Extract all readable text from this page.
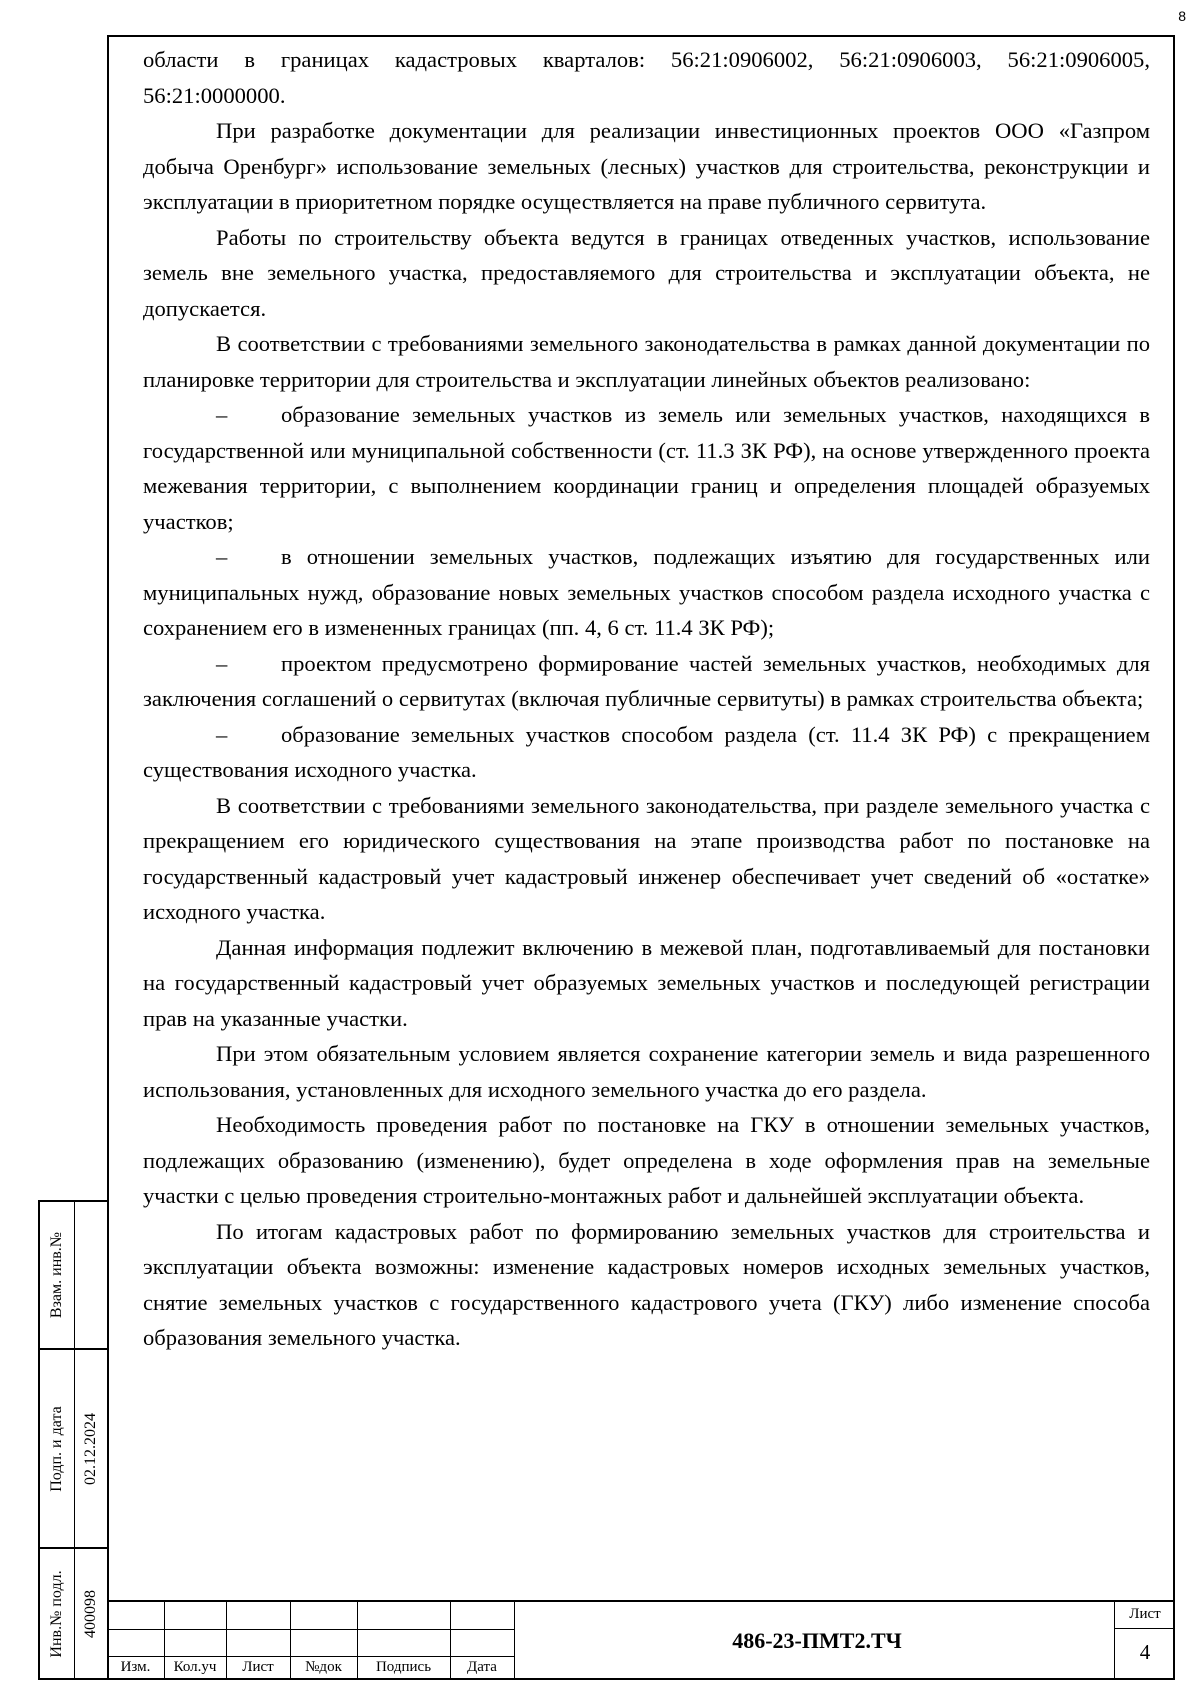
8

области в границах кадастровых кварталов: 56:21:0906002, 56:21:0906003, 56:21:0906005, 56:21:0000000.

При разработке документации для реализации инвестиционных проектов ООО «Газпром добыча Оренбург» использование земельных (лесных) участков для строительства, реконструкции и эксплуатации в приоритетном порядке осуществляется на праве публичного сервитута.

Работы по строительству объекта ведутся в границах отведенных участков, использование земель вне земельного участка, предоставляемого для строительства и эксплуатации объекта, не допускается.

В соответствии с требованиями земельного законодательства в рамках данной документации по планировке территории для строительства и эксплуатации линейных объектов реализовано:

– образование земельных участков из земель или земельных участков, находящихся в государственной или муниципальной собственности (ст. 11.3 ЗК РФ), на основе утвержденного проекта межевания территории, с выполнением координации границ и определения площадей образуемых участков;

– в отношении земельных участков, подлежащих изъятию для государственных или муниципальных нужд, образование новых земельных участков способом раздела исходного участка с сохранением его в измененных границах (пп. 4, 6 ст. 11.4 ЗК РФ);

– проектом предусмотрено формирование частей земельных участков, необходимых для заключения соглашений о сервитутах (включая публичные сервитуты) в рамках строительства объекта;

– образование земельных участков способом раздела (ст. 11.4 ЗК РФ) с прекращением существования исходного участка.

В соответствии с требованиями земельного законодательства, при разделе земельного участка с прекращением его юридического существования на этапе производства работ по постановке на государственный кадастровый учет кадастровый инженер обеспечивает учет сведений об «остатке» исходного участка.

Данная информация подлежит включению в межевой план, подготавливаемый для постановки на государственный кадастровый учет образуемых земельных участков и последующей регистрации прав на указанные участки.

При этом обязательным условием является сохранение категории земель и вида разрешенного использования, установленных для исходного земельного участка до его раздела.

Необходимость проведения работ по постановке на ГКУ в отношении земельных участков, подлежащих образованию (изменению), будет определена в ходе оформления прав на земельные участки с целью проведения строительно-монтажных работ и дальнейшей эксплуатации объекта.

По итогам кадастровых работ по формированию земельных участков для строительства и эксплуатации объекта возможны: изменение кадастровых номеров исходных земельных участков, снятие земельных участков с государственного кадастрового учета (ГКУ) либо изменение способа образования земельного участка.

Взам. инв.№
Подп. и дата 02.12.2024
Инв.№ подл. 400098
Изм.	Кол.уч	Лист	№док	Подпись	Дата
486-23-ПМТ2.ТЧ
Лист
4
